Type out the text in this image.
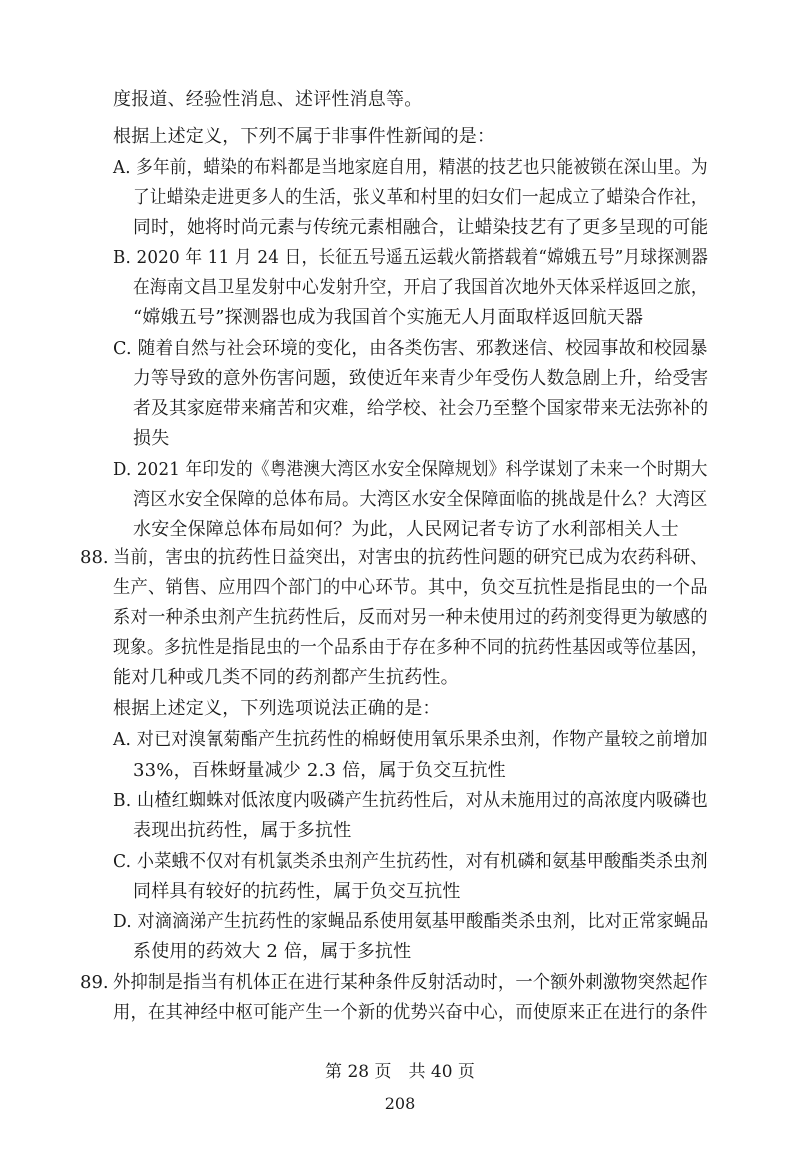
度报道、经验性消息、述评性消息等。
根据上述定义，下列不属于非事件性新闻的是：
A. 多年前，蜡染的布料都是当地家庭自用，精湛的技艺也只能被锁在深山里。为
了让蜡染走进更多人的生活，张义革和村里的妇女们一起成立了蜡染合作社，
同时，她将时尚元素与传统元素相融合，让蜡染技艺有了更多呈现的可能
B. 2020 年 11 月 24 日，长征五号遥五运载火箭搭载着“嫦娥五号”月球探测器
在海南文昌卫星发射中心发射升空，开启了我国首次地外天体采样返回之旅，
“嫦娥五号”探测器也成为我国首个实施无人月面取样返回航天器
C. 随着自然与社会环境的变化，由各类伤害、邪教迷信、校园事故和校园暴
力等导致的意外伤害问题，致使近年来青少年受伤人数急剧上升，给受害
者及其家庭带来痛苦和灾难，给学校、社会乃至整个国家带来无法弥补的
损失
D. 2021 年印发的《粤港澳大湾区水安全保障规划》科学谋划了未来一个时期大
湾区水安全保障的总体布局。大湾区水安全保障面临的挑战是什么？大湾区
水安全保障总体布局如何？为此，人民网记者专访了水利部相关人士
88. 当前，害虫的抗药性日益突出，对害虫的抗药性问题的研究已成为农药科研、
生产、销售、应用四个部门的中心环节。其中，负交互抗性是指昆虫的一个品
系对一种杀虫剂产生抗药性后，反而对另一种未使用过的药剂变得更为敏感的
现象。多抗性是指昆虫的一个品系由于存在多种不同的抗药性基因或等位基因，
能对几种或几类不同的药剂都产生抗药性。
根据上述定义，下列选项说法正确的是：
A. 对已对溴氰菊酯产生抗药性的棉蚜使用氧乐果杀虫剂，作物产量较之前增加
33%，百株蚜量减少 2.3 倍，属于负交互抗性
B. 山楂红蜘蛛对低浓度内吸磷产生抗药性后，对从未施用过的高浓度内吸磷也
表现出抗药性，属于多抗性
C. 小菜蛾不仅对有机氯类杀虫剂产生抗药性，对有机磷和氨基甲酸酯类杀虫剂
同样具有较好的抗药性，属于负交互抗性
D. 对滴滴涕产生抗药性的家蝇品系使用氨基甲酸酯类杀虫剂，比对正常家蝇品
系使用的药效大 2 倍，属于多抗性
89. 外抑制是指当有机体正在进行某种条件反射活动时，一个额外刺激物突然起作
用，在其神经中枢可能产生一个新的优势兴奋中心，而使原来正在进行的条件
第 28 页　共 40 页
208
